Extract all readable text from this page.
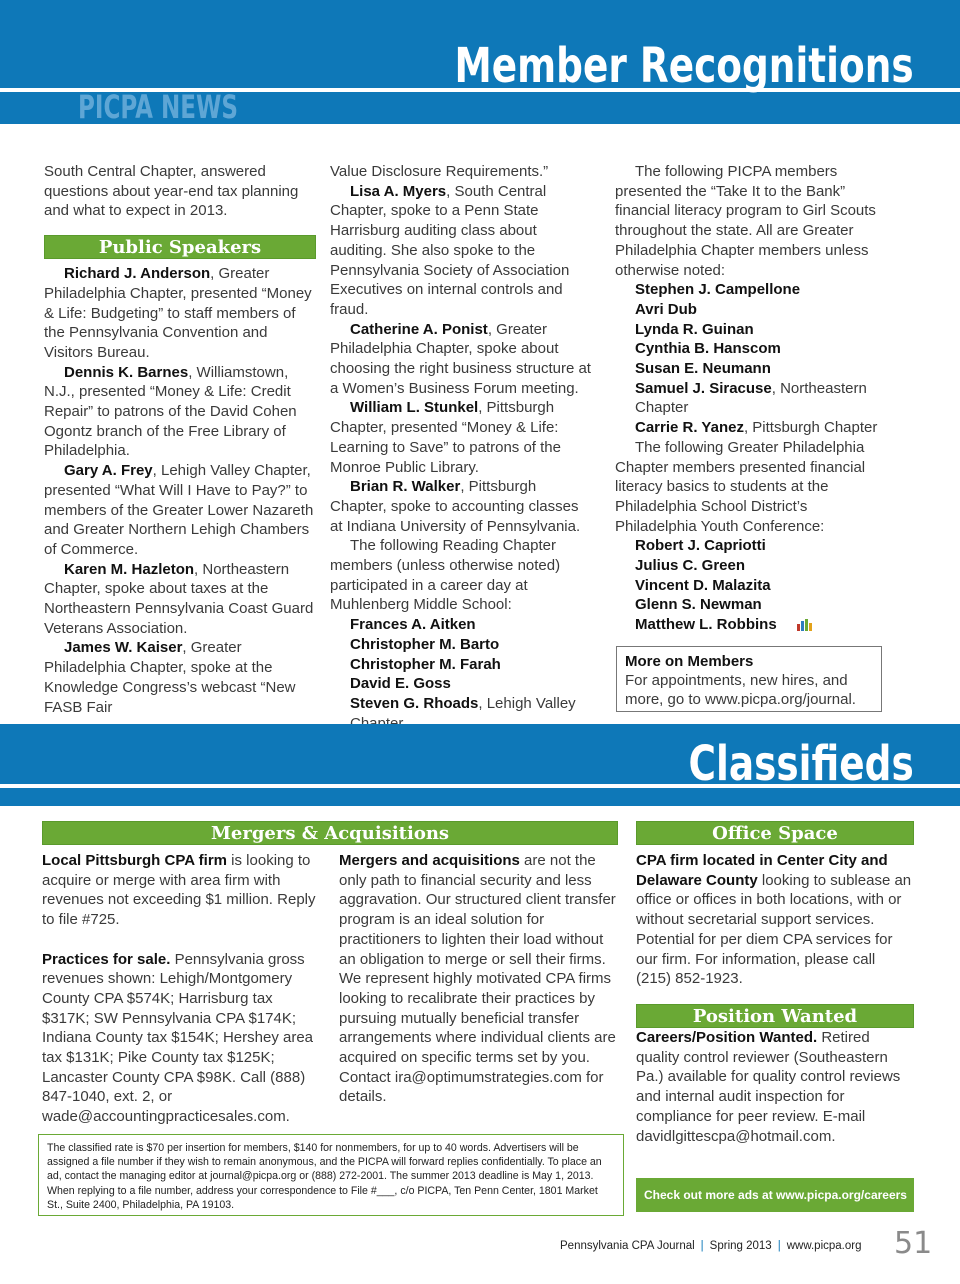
Member Recognitions
PICPA NEWS

South Central Chapter, answered questions about year-end tax planning and what to expect in 2013.

Public Speakers

Richard J. Anderson, Greater Philadelphia Chapter, presented “Money & Life: Budgeting” to staff members of the Pennsylvania Convention and Visitors Bureau.

Dennis K. Barnes, Williamstown, N.J., presented “Money & Life: Credit Repair” to patrons of the David Cohen Ogontz branch of the Free Library of Philadelphia.

Gary A. Frey, Lehigh Valley Chapter, presented “What Will I Have to Pay?” to members of the Greater Lower Nazareth and Greater Northern Lehigh Chambers of Commerce.

Karen M. Hazleton, Northeastern Chapter, spoke about taxes at the Northeastern Pennsylvania Coast Guard Veterans Association.

James W. Kaiser, Greater Philadelphia Chapter, spoke at the Knowledge Congress’s webcast “New FASB Fair

Value Disclosure Requirements.”

Lisa A. Myers, South Central Chapter, spoke to a Penn State Harrisburg auditing class about auditing. She also spoke to the Pennsylvania Society of Association Executives on internal controls and fraud.

Catherine A. Ponist, Greater Philadelphia Chapter, spoke about choosing the right business structure at a Women’s Business Forum meeting.

William L. Stunkel, Pittsburgh Chapter, presented “Money & Life: Learning to Save” to patrons of the Monroe Public Library.

Brian R. Walker, Pittsburgh Chapter, spoke to accounting classes at Indiana University of Pennsylvania.

The following Reading Chapter members (unless otherwise noted) participated in a career day at Muhlenberg Middle School:

Frances A. Aitken

Christopher M. Barto

Christopher M. Farah

David E. Goss

Steven G. Rhoads, Lehigh Valley

The following PICPA members presented the “Take It to the Bank” financial literacy program to Girl Scouts throughout the state. All are Greater Philadelphia Chapter members unless otherwise noted:

Stephen J. Campellone

Avri Dub

Lynda R. Guinan

Cynthia B. Hanscom

Susan E. Neumann

Samuel J. Siracuse, Northeastern Chapter

Carrie R. Yanez, Pittsburgh Chapter

The following Greater Philadelphia Chapter members presented financial literacy basics to students at the Philadelphia School District’s Philadelphia Youth Conference:

Robert J. Capriotti

Julius C. Green

Vincent D. Malazita

Glenn S. Newman

Matthew L. Robbins

More on Members
For appointments, new hires, and more, go to www.picpa.org/journal.
Classifieds
Mergers & Acquisitions

Local Pittsburgh CPA firm is looking to acquire or merge with area firm with revenues not exceeding $1 million. Reply to file #725.

Practices for sale. Pennsylvania gross revenues shown: Lehigh/Montgomery County CPA $574K; Harrisburg tax $317K; SW Pennsylvania CPA $174K; Indiana County tax $154K; Hershey area tax $131K; Pike County tax $125K; Lancaster County CPA $98K. Call (888) 847-1040, ext. 2, or wade@accountingpracticesales.com.

Mergers and acquisitions are not the only path to financial security and less aggravation. Our structured client transfer program is an ideal solution for practitioners to lighten their load without an obligation to merge or sell their firms. We represent highly motivated CPA firms looking to recalibrate their practices by pursuing mutually beneficial transfer arrangements where individual clients are acquired on specific terms set by you. Contact ira@optimumstrategies.com for details.

The classified rate is $70 per insertion for members, $140 for nonmembers, for up to 40 words. Advertisers will be assigned a file number if they wish to remain anonymous, and the PICPA will forward replies confidentially. To place an ad, contact the managing editor at journal@picpa.org or (888) 272-2001. The summer 2013 deadline is May 1, 2013. When replying to a file number, address your correspondence to File #___, c/o PICPA, Ten Penn Center, 1801 Market St., Suite 2400, Philadelphia, PA 19103.
Office Space

CPA firm located in Center City and Delaware County looking to sublease an office or offices in both locations, with or without secretarial support services. Potential for per diem CPA services for our firm. For information, please call (215) 852-1923.

Position Wanted

Careers/Position Wanted. Retired quality control reviewer (Southeastern Pa.) available for quality control reviews and internal audit inspection for compliance for peer review. E-mail davidlgittescpa@hotmail.com.

Check out more ads at www.picpa.org/careers
Pennsylvania CPA Journal | Spring 2013 | www.picpa.org 51
